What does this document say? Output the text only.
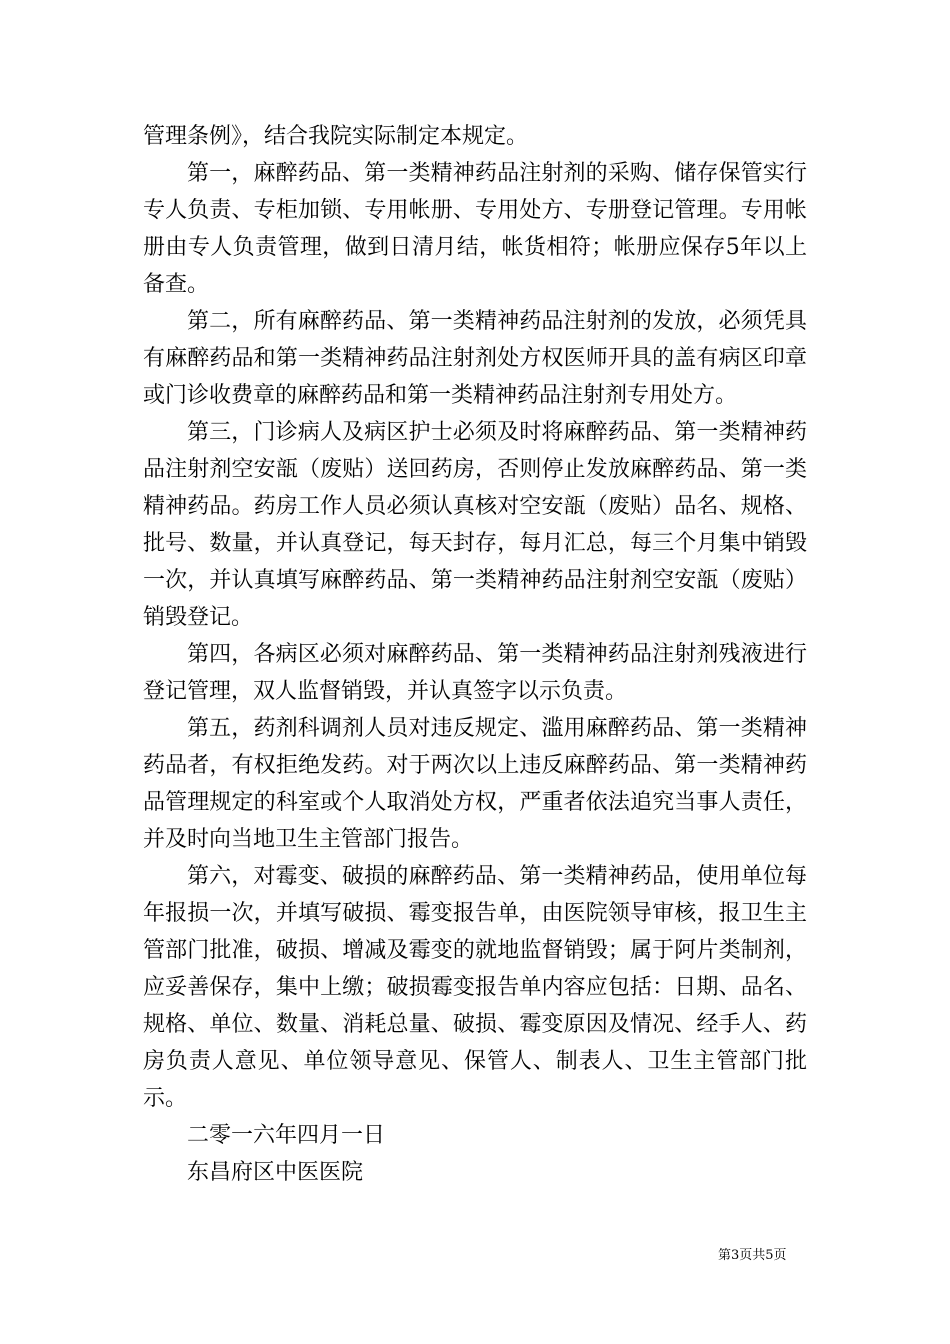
管理条例》，结合我院实际制定本规定。

第一，麻醉药品、第一类精神药品注射剂的采购、储存保管实行专人负责、专柜加锁、专用帐册、专用处方、专册登记管理。专用帐册由专人负责管理，做到日清月结，帐货相符；帐册应保存5年以上备查。

第二，所有麻醉药品、第一类精神药品注射剂的发放，必须凭具有麻醉药品和第一类精神药品注射剂处方权医师开具的盖有病区印章或门诊收费章的麻醉药品和第一类精神药品注射剂专用处方。

第三，门诊病人及病区护士必须及时将麻醉药品、第一类精神药品注射剂空安瓿（废贴）送回药房，否则停止发放麻醉药品、第一类精神药品。药房工作人员必须认真核对空安瓿（废贴）品名、规格、批号、数量，并认真登记，每天封存，每月汇总，每三个月集中销毁一次，并认真填写麻醉药品、第一类精神药品注射剂空安瓿（废贴）销毁登记。

第四，各病区必须对麻醉药品、第一类精神药品注射剂残液进行登记管理，双人监督销毁，并认真签字以示负责。

第五，药剂科调剂人员对违反规定、滥用麻醉药品、第一类精神药品者，有权拒绝发药。对于两次以上违反麻醉药品、第一类精神药品管理规定的科室或个人取消处方权，严重者依法追究当事人责任，并及时向当地卫生主管部门报告。

第六，对霉变、破损的麻醉药品、第一类精神药品，使用单位每年报损一次，并填写破损、霉变报告单，由医院领导审核，报卫生主管部门批准，破损、增减及霉变的就地监督销毁；属于阿片类制剂，应妥善保存，集中上缴；破损霉变报告单内容应包括：日期、品名、规格、单位、数量、消耗总量、破损、霉变原因及情况、经手人、药房负责人意见、单位领导意见、保管人、制表人、卫生主管部门批示。

二零一六年四月一日

东昌府区中医医院

第3页共5页
